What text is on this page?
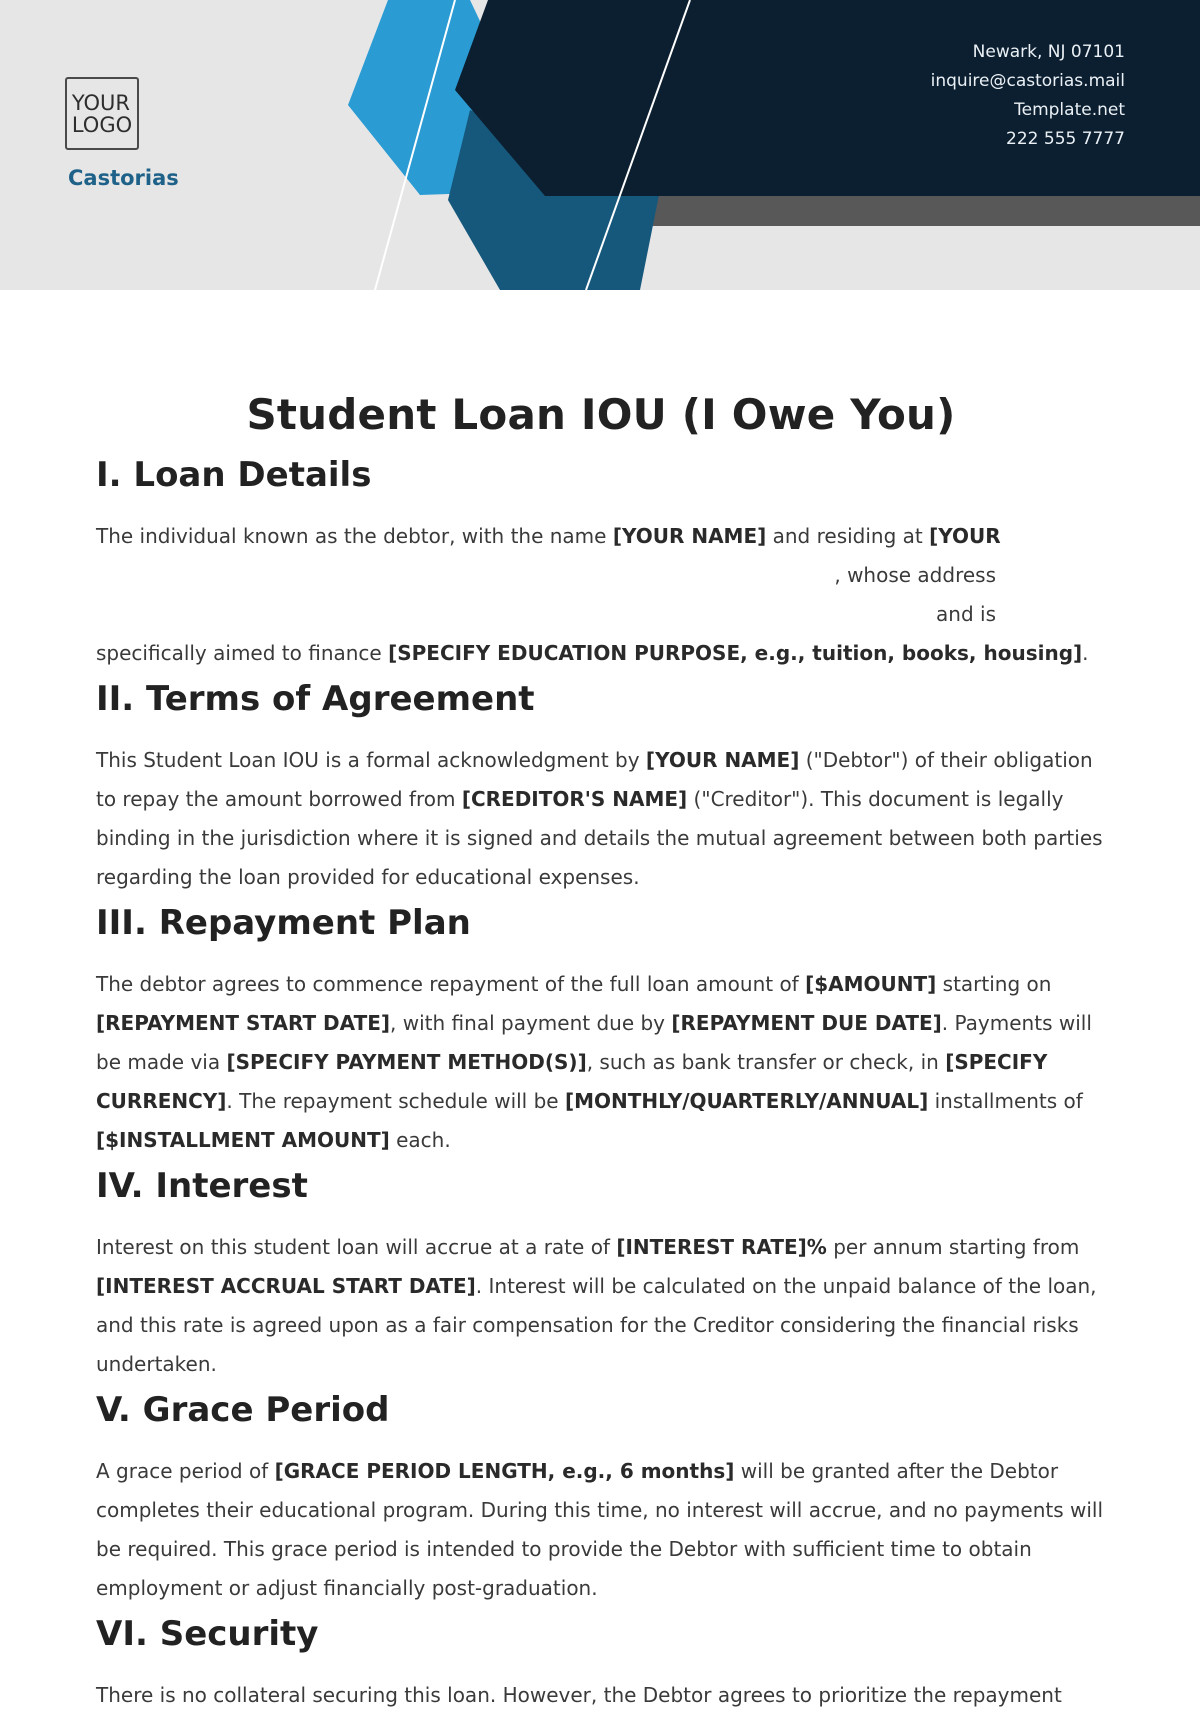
YOUR
LOGO
Castorias
Newark, NJ 07101
inquire@castorias.mail
Template.net
222 555 7777
Student Loan IOU (I Owe You)
I. Loan Details
The individual known as the debtor, with the name [YOUR NAME] and residing at [YOUR
, whose address
and is
specifically aimed to finance [SPECIFY EDUCATION PURPOSE, e.g., tuition, books, housing].
II. Terms of Agreement
This Student Loan IOU is a formal acknowledgment by [YOUR NAME] ("Debtor") of their obligation to repay the amount borrowed from [CREDITOR'S NAME] ("Creditor"). This document is legally binding in the jurisdiction where it is signed and details the mutual agreement between both parties regarding the loan provided for educational expenses.
III. Repayment Plan
The debtor agrees to commence repayment of the full loan amount of [$AMOUNT] starting on [REPAYMENT START DATE], with final payment due by [REPAYMENT DUE DATE]. Payments will be made via [SPECIFY PAYMENT METHOD(S)], such as bank transfer or check, in [SPECIFY CURRENCY]. The repayment schedule will be [MONTHLY/QUARTERLY/ANNUAL] installments of [$INSTALLMENT AMOUNT] each.
IV. Interest
Interest on this student loan will accrue at a rate of [INTEREST RATE]% per annum starting from [INTEREST ACCRUAL START DATE]. Interest will be calculated on the unpaid balance of the loan, and this rate is agreed upon as a fair compensation for the Creditor considering the financial risks undertaken.
V. Grace Period
A grace period of [GRACE PERIOD LENGTH, e.g., 6 months] will be granted after the Debtor completes their educational program. During this time, no interest will accrue, and no payments will be required. This grace period is intended to provide the Debtor with sufficient time to obtain employment or adjust financially post-graduation.
VI. Security
There is no collateral securing this loan. However, the Debtor agrees to prioritize the repayment
